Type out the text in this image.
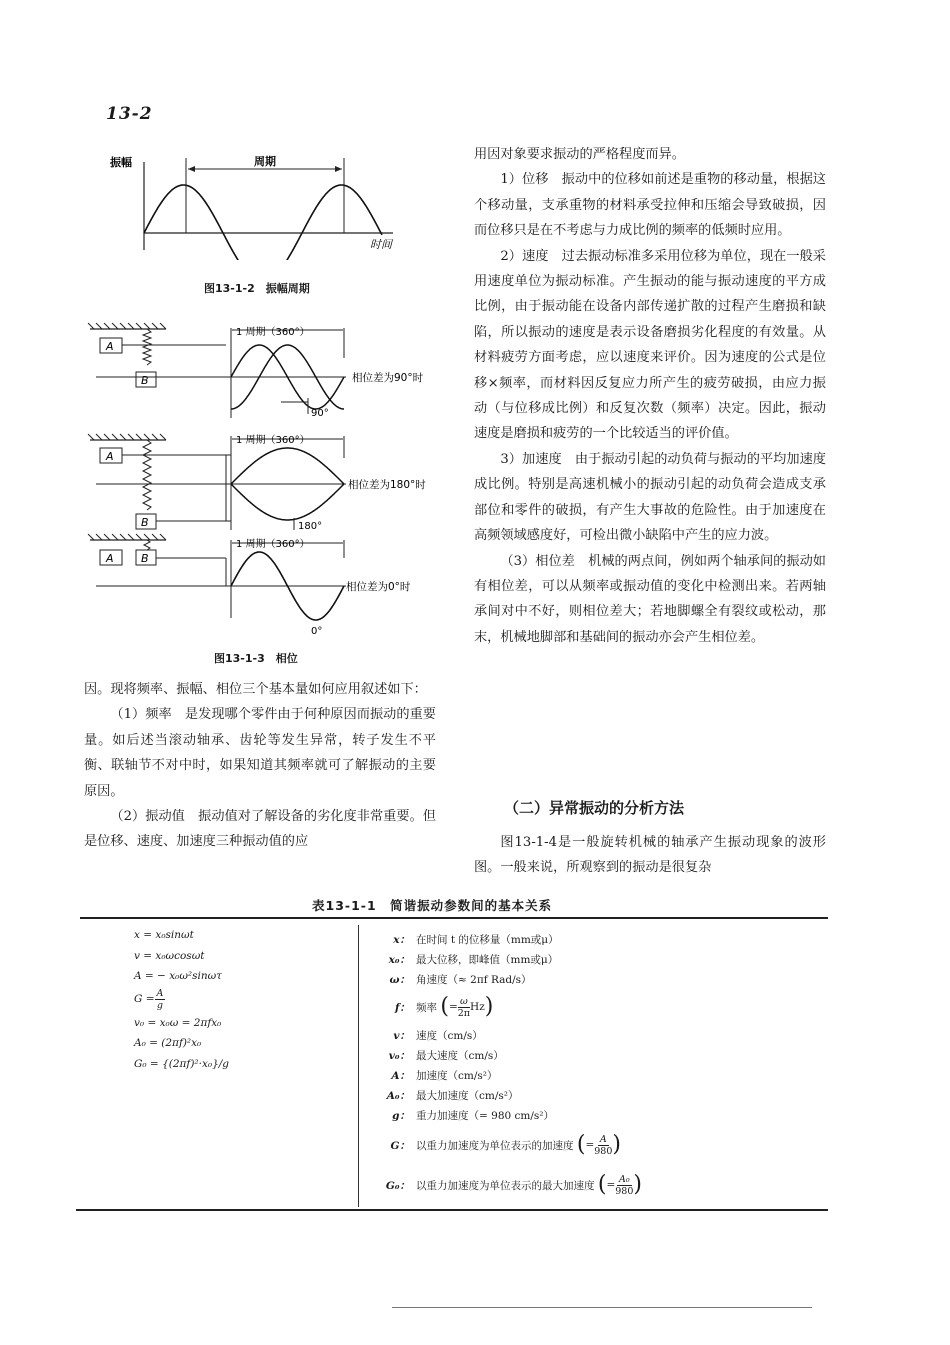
13-2
振幅	周期
时间
图13-1-2　振幅周期
A
B
1 周期（360°）
90°
相位差为90°时
A
B
1 周期（360°）
180°
相位差为180°时
A B
1 周期（360°）
0°
相位差为0°时
图13-1-3　相位

因。现将频率、振幅、相位三个基本量如何应用叙述如下：

（1）频率　是发现哪个零件由于何种原因而振动的重要量。如后述当滚动轴承、齿轮等发生异常，转子发生不平衡、联轴节不对中时，如果知道其频率就可了解振动的主要原因。

（2）振动值　振动值对了解设备的劣化度非常重要。但是位移、速度、加速度三种振动值的应

用因对象要求振动的严格程度而异。

1）位移　振动中的位移如前述是重物的移动量，根据这个移动量，支承重物的材料承受拉伸和压缩会导致破损，因而位移只是在不考虑与力成比例的频率的低频时应用。

2）速度　过去振动标准多采用位移为单位，现在一般采用速度单位为振动标准。产生振动的能与振动速度的平方成比例，由于振动能在设备内部传递扩散的过程产生磨损和缺陷，所以振动的速度是表示设备磨损劣化程度的有效量。从材料疲劳方面考虑，应以速度来评价。因为速度的公式是位移×频率，而材料因反复应力所产生的疲劳破损，由应力振动（与位移成比例）和反复次数（频率）决定。因此，振动速度是磨损和疲劳的一个比较适当的评价值。

3）加速度　由于振动引起的动负荷与振动的平均加速度成比例。特别是高速机械小的振动引起的动负荷会造成支承部位和零件的破损，有产生大事故的危险性。由于加速度在高频领域感度好，可检出微小缺陷中产生的应力波。

（3）相位差　机械的两点间，例如两个轴承间的振动如有相位差，可以从频率或振动值的变化中检测出来。若两轴承间对中不好，则相位差大；若地脚螺全有裂纹或松动，那末，机械地脚部和基础间的振动亦会产生相位差。

（二）异常振动的分析方法
图13-1-4是一般旋转机械的轴承产生振动现象的波形图。一般来说，所观察到的振动是很复杂
表13-1-1　简谐振动参数间的基本关系
x = x₀sinωt
v = x₀ωcosωt
A = − x₀ω²sinωτ
$G = \frac{A}{g}$
v₀ = x₀ω = 2πfx₀
A₀ = (2πf)²x₀
G₀ = {(2πf)²·x₀}/g
x： 在时间 t 的位移量（mm或μ）
x₀： 最大位移，即峰值（mm或μ）
ω： 角速度（≈ 2πf Rad/s）
f： 频率
( = $\frac{\omega}{2\pi}$ Hz )
v： 速度（cm/s）
v₀： 最大速度（cm/s）
A： 加速度（cm/s²）
A₀： 最大加速度（cm/s²）
g： 重力加速度（= 980 cm/s²）
G： 以重力加速度为单位表示的加速度
( = $\frac{A}{980}$ )
G₀： 以重力加速度为单位表示的最大加速度
( = $\frac{\text{A₀}}{980}$ )
